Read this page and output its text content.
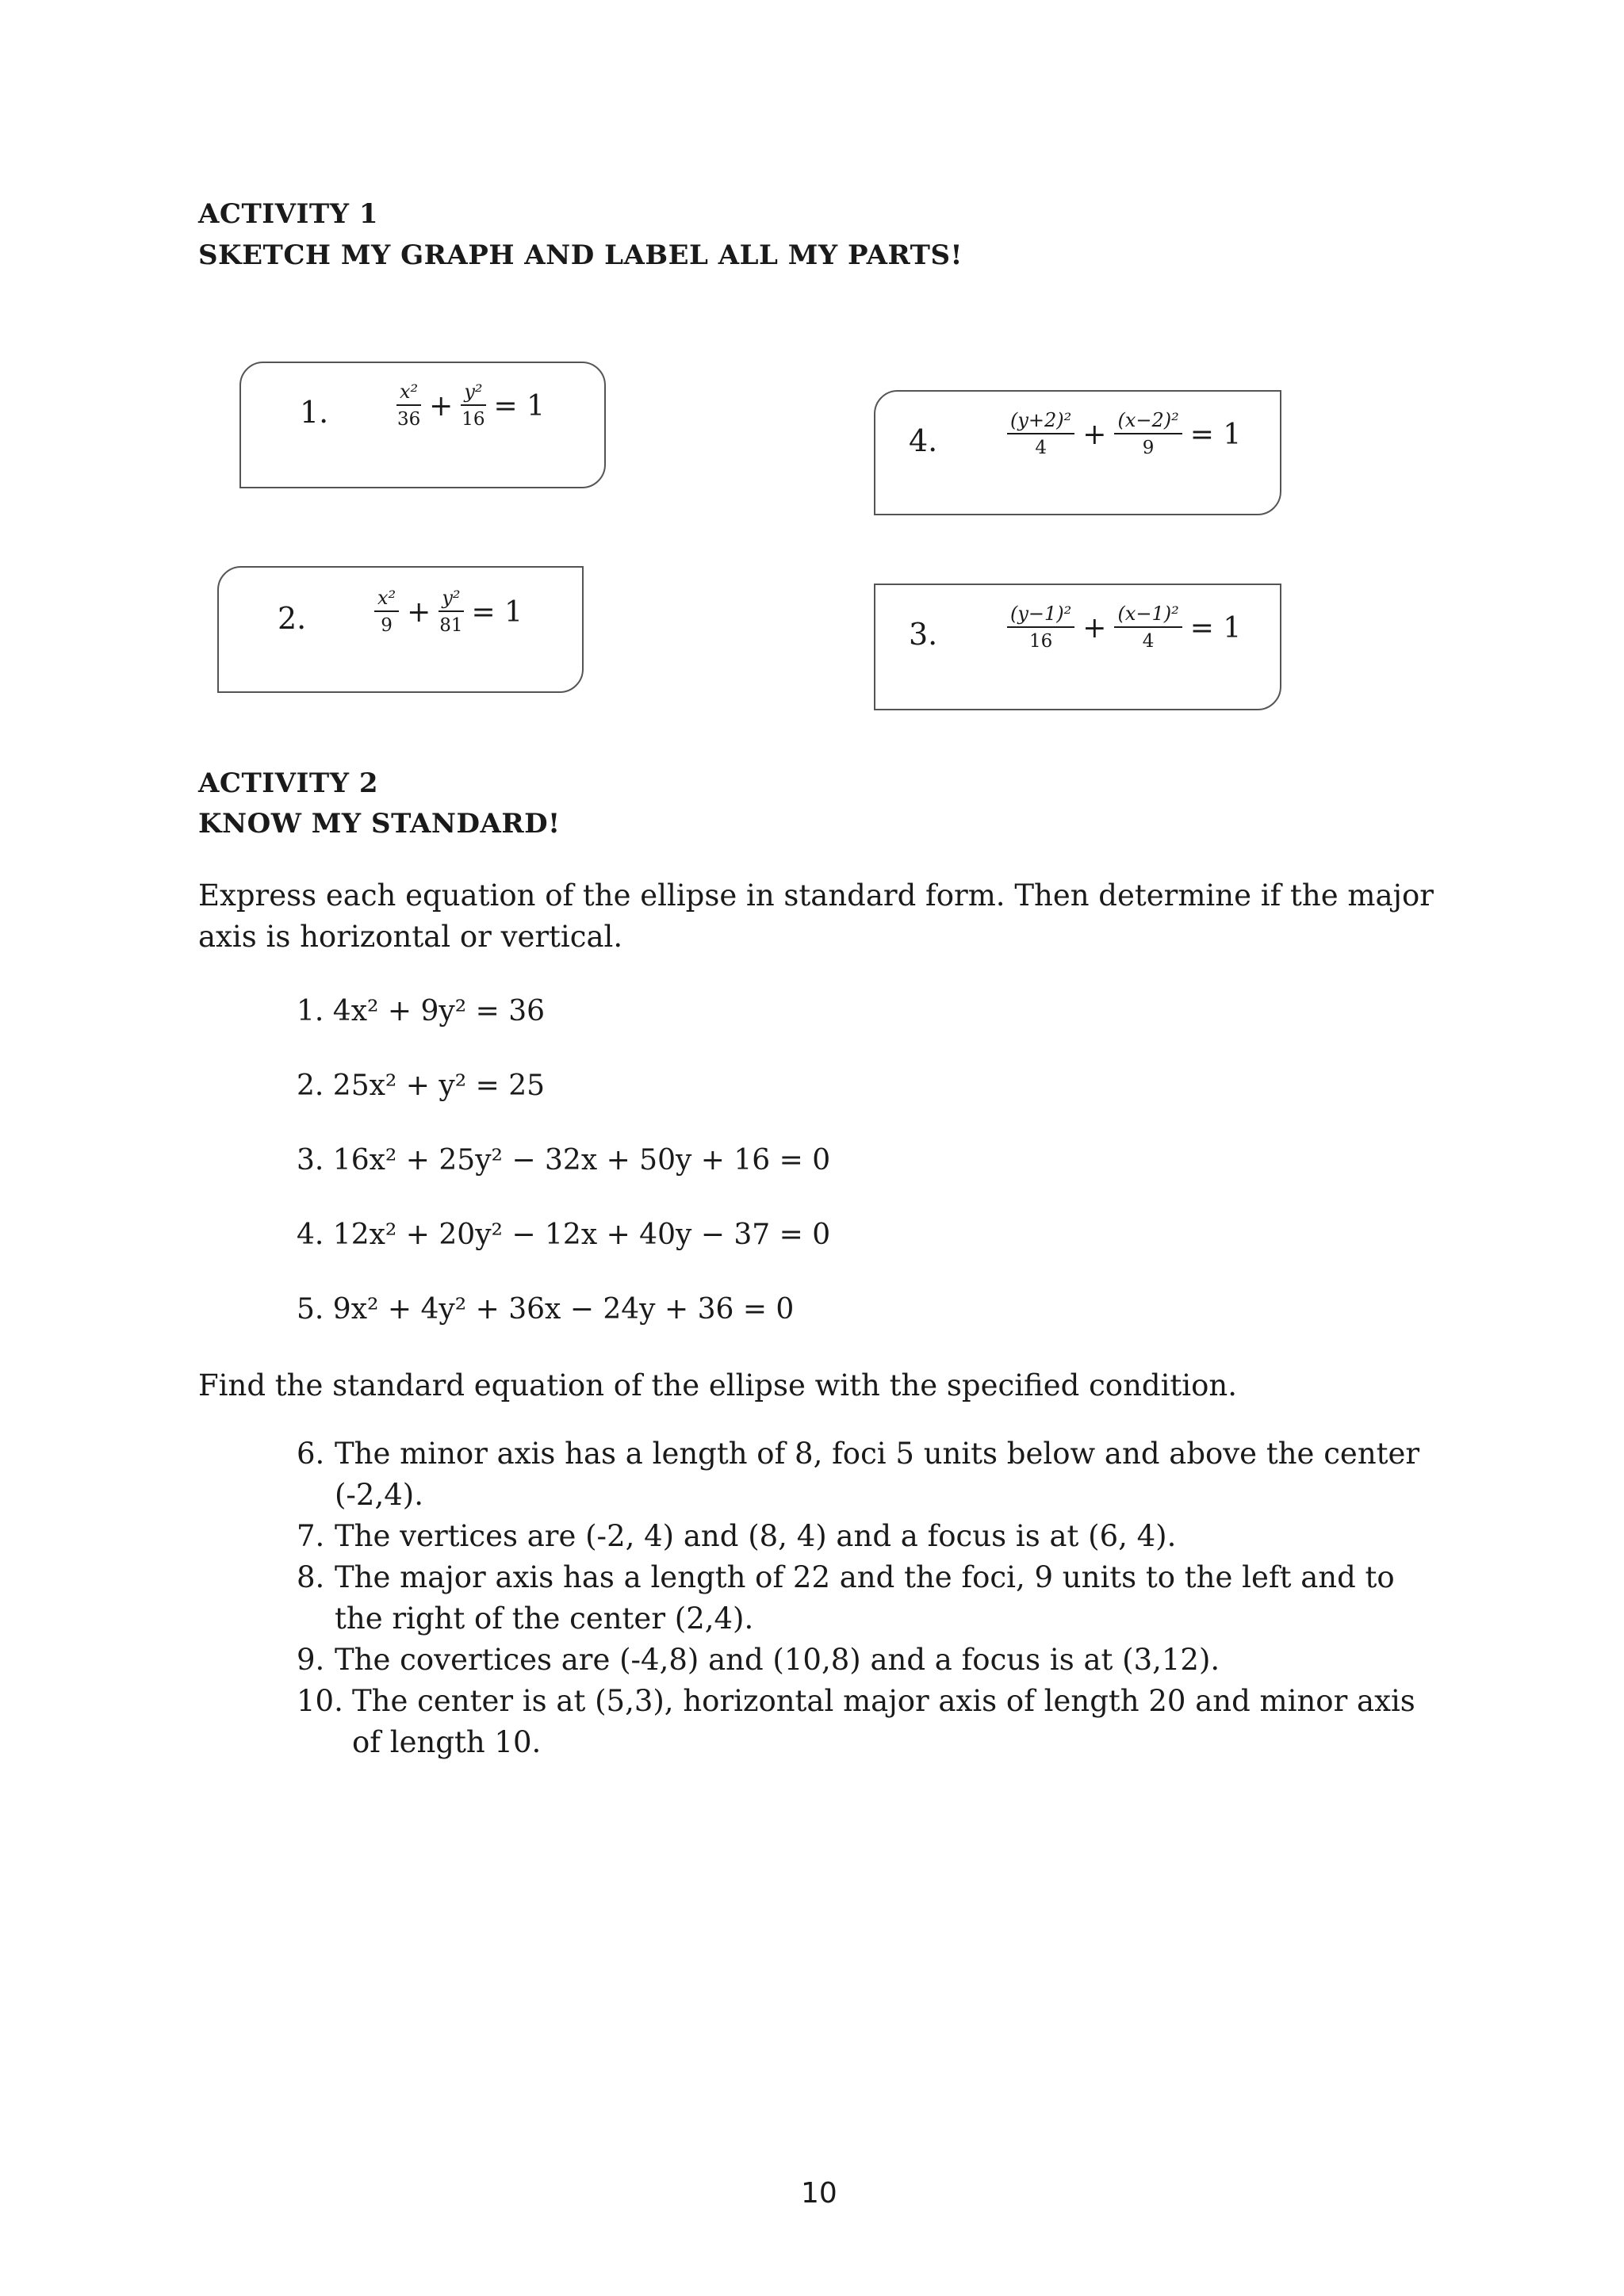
ACTIVITY 1
SKETCH MY GRAPH AND LABEL ALL MY PARTS!
1.	$\frac{\text{x²}}{36} + \frac{\text{y²}}{16} = 1$
2.	$\frac{\text{x²}}{9} + \frac{\text{y²}}{81} = 1$
4.	$\frac{\text{(y+2)²}}{4} + \frac{\text{(x−2)²}}{9} = 1$
3.	$\frac{\text{(y−1)²}}{16} + \frac{\text{(x−1)²}}{4} = 1$
ACTIVITY 2
KNOW MY STANDARD!
Express each equation of the ellipse in standard form. Then determine if the major axis is horizontal or vertical.
1. 4x² + 9y² = 36
2. 25x² + y² = 25
3. 16x² + 25y² − 32x + 50y + 16 = 0
4. 12x² + 20y² − 12x + 40y − 37 = 0
5. 9x² + 4y² + 36x − 24y + 36 = 0
Find the standard equation of the ellipse with the specified condition.
6. The minor axis has a length of 8, foci 5 units below and above the center (-2,4).
7. The vertices are (-2, 4) and (8, 4) and a focus is at (6, 4).
8. The major axis has a length of 22 and the foci, 9 units to the left and to the right of the center (2,4).
9. The covertices are (-4,8) and (10,8) and a focus is at (3,12).
10. The center is at (5,3), horizontal major axis of length 20 and minor axis of length 10.
10
